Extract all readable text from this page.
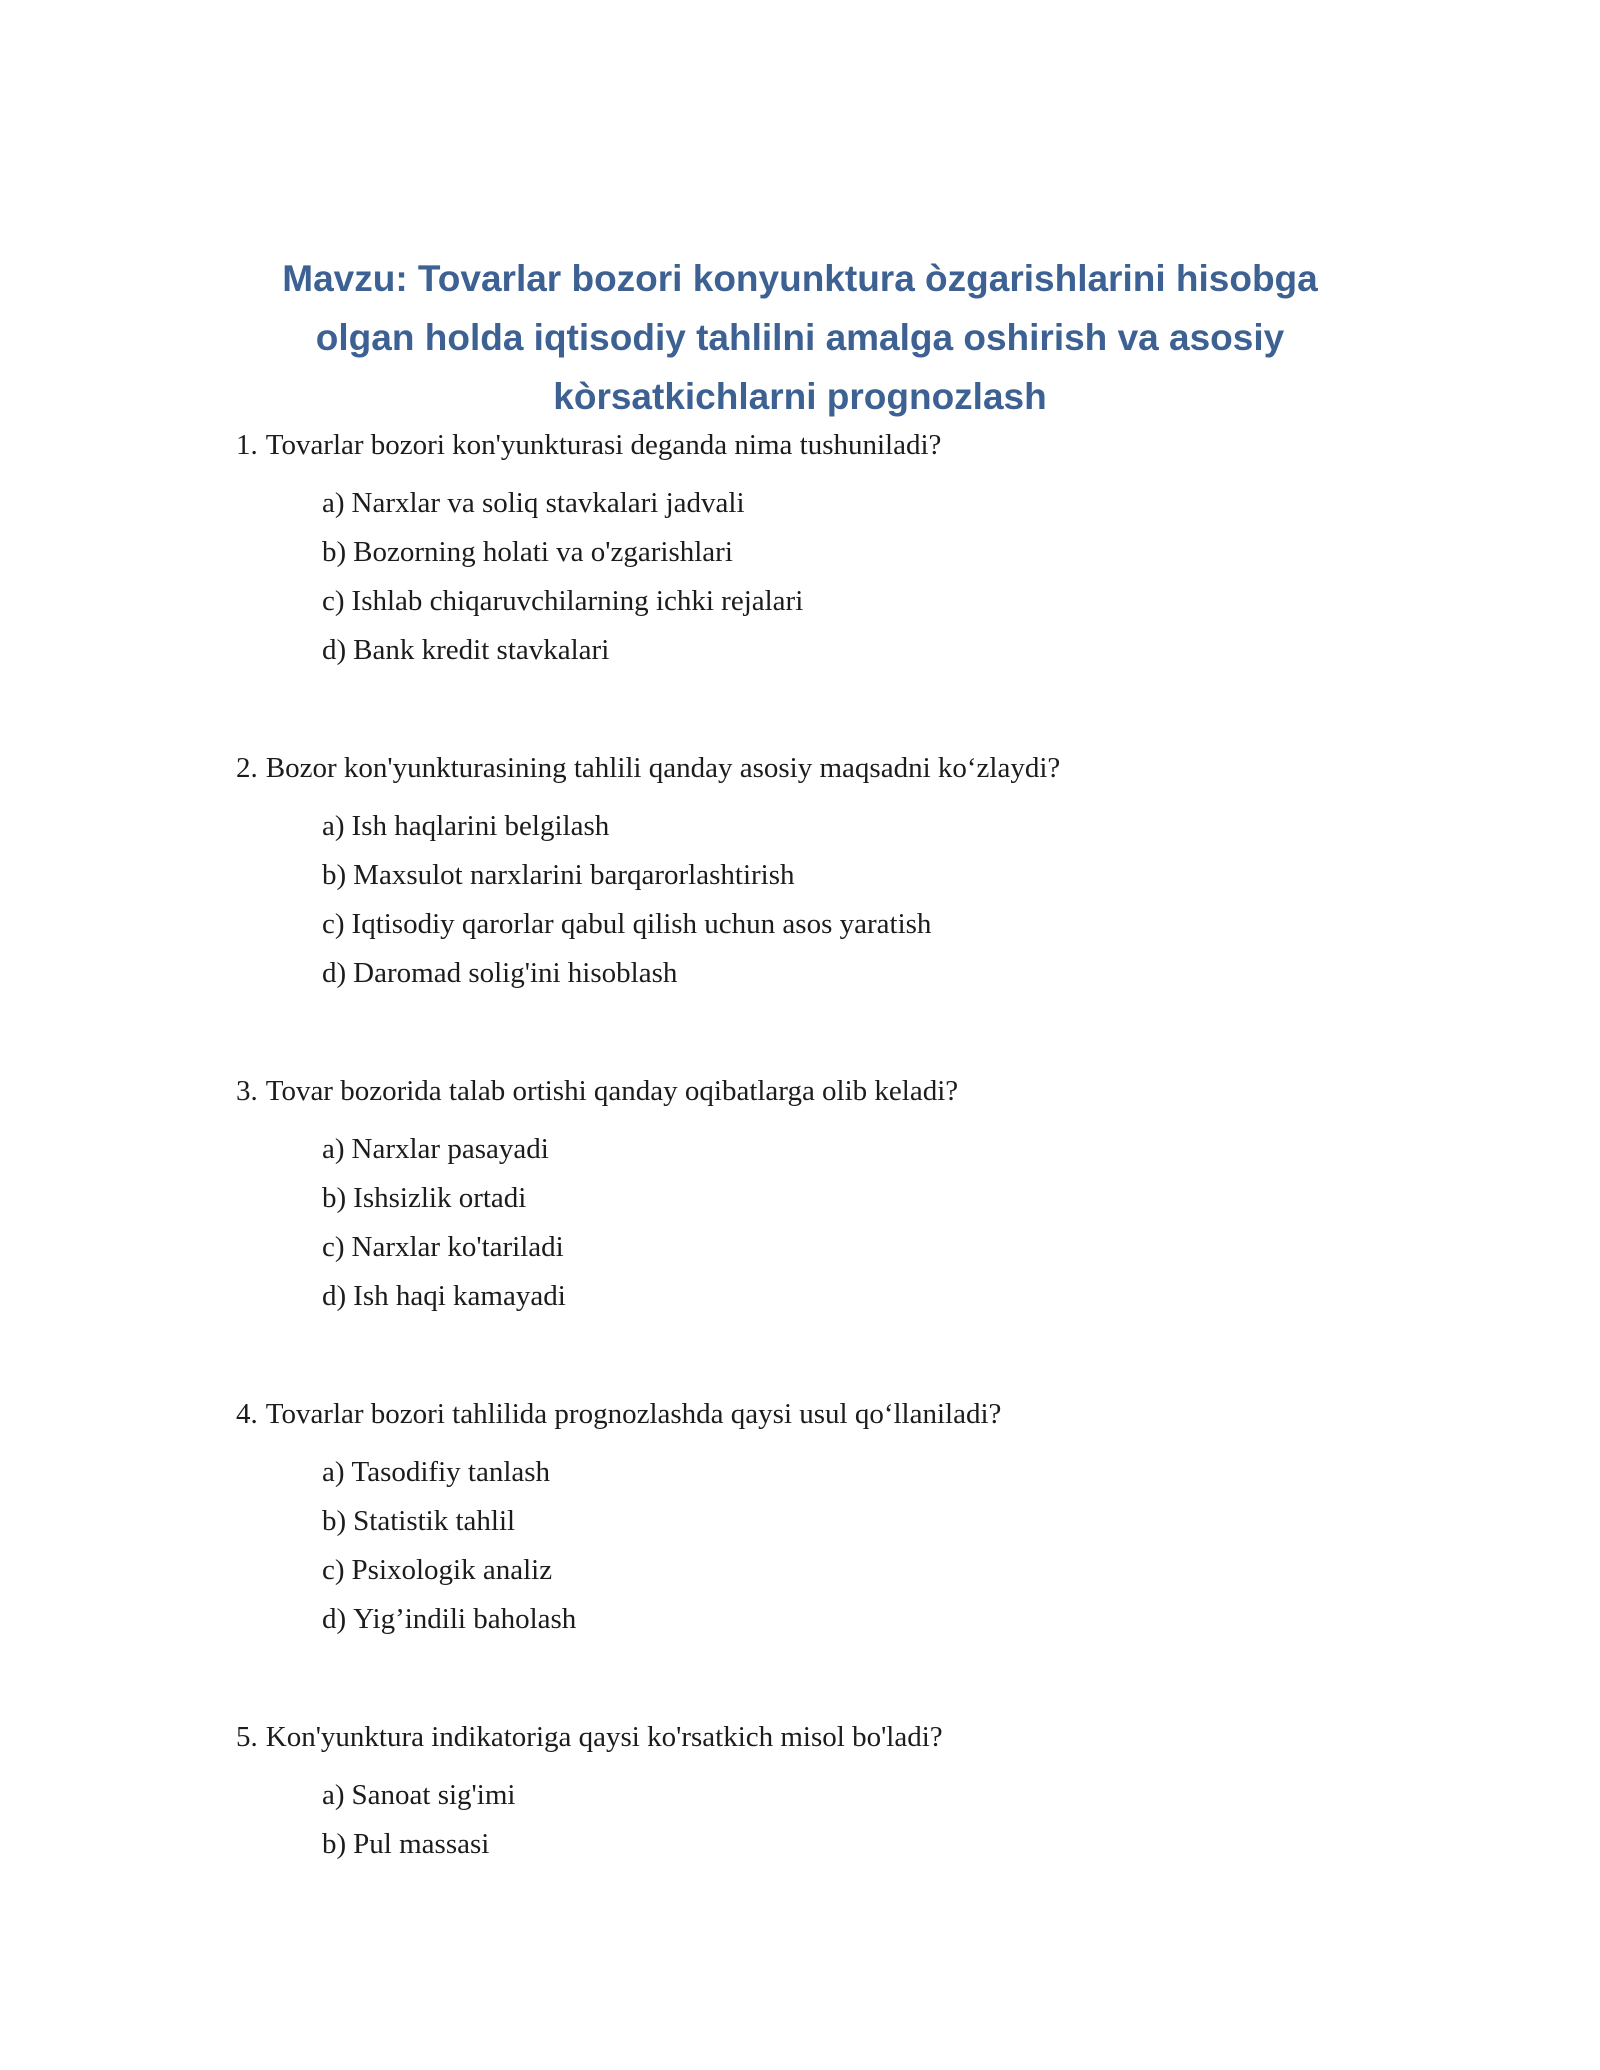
Mavzu: Tovarlar bozori konyunktura òzgarishlarini hisobga olgan holda iqtisodiy tahlilni amalga oshirish va asosiy kòrsatkichlarni prognozlash

1. Tovarlar bozori kon'yunkturasi deganda nima tushuniladi?

a) Narxlar va soliq stavkalari jadvali
b) Bozorning holati va o'zgarishlari
c) Ishlab chiqaruvchilarning ichki rejalari
d) Bank kredit stavkalari

2. Bozor kon'yunkturasining tahlili qanday asosiy maqsadni ko‘zlaydi?

a) Ish haqlarini belgilash
b) Maxsulot narxlarini barqarorlashtirish
c) Iqtisodiy qarorlar qabul qilish uchun asos yaratish
d) Daromad solig'ini hisoblash

3. Tovar bozorida talab ortishi qanday oqibatlarga olib keladi?

a) Narxlar pasayadi
b) Ishsizlik ortadi
c) Narxlar ko'tariladi
d) Ish haqi kamayadi

4. Tovarlar bozori tahlilida prognozlashda qaysi usul qo‘llaniladi?

a) Tasodifiy tanlash
b) Statistik tahlil
c) Psixologik analiz
d) Yig’indili baholash

5. Kon'yunktura indikatoriga qaysi ko'rsatkich misol bo'ladi?

a) Sanoat sig'imi
b) Pul massasi
